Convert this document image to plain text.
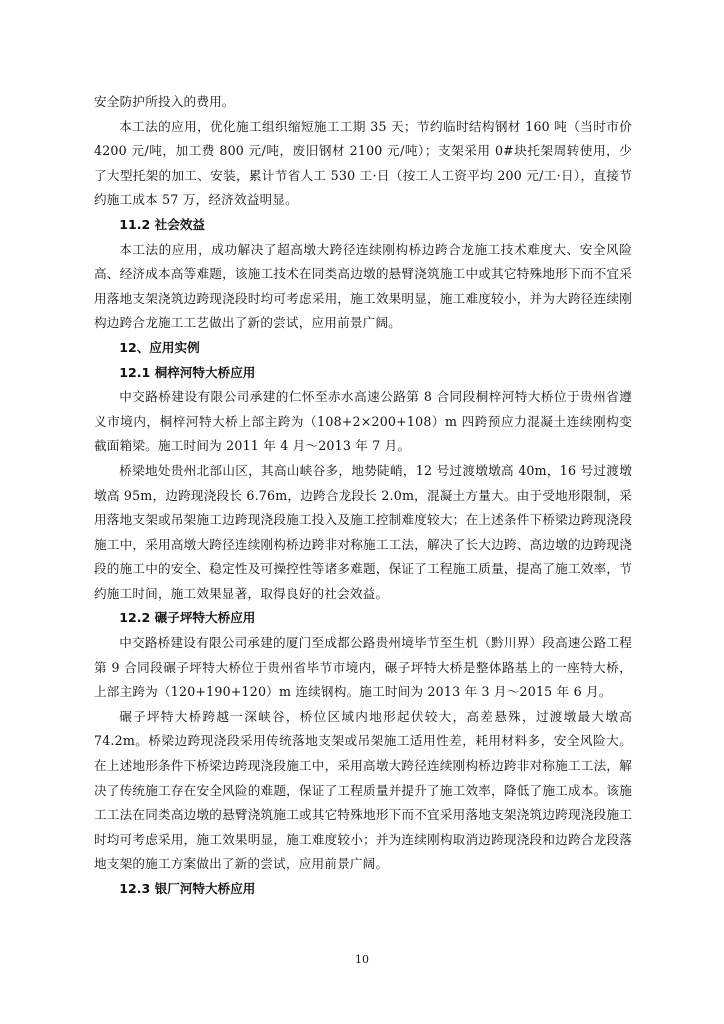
安全防护所投入的费用。

本工法的应用，优化施工组织缩短施工工期 35 天；节约临时结构钢材 160 吨（当时市价 4200 元/吨，加工费 800 元/吨，废旧钢材 2100 元/吨）；支架采用 0#块托架周转使用，少了大型托架的加工、安装，累计节省人工 530 工·日（按工人工资平均 200 元/工·日），直接节约施工成本 57 万，经济效益明显。

11.2 社会效益

本工法的应用，成功解决了超高墩大跨径连续刚构桥边跨合龙施工技术难度大、安全风险高、经济成本高等难题，该施工技术在同类高边墩的悬臂浇筑施工中或其它特殊地形下而不宜采用落地支架浇筑边跨现浇段时均可考虑采用，施工效果明显，施工难度较小，并为大跨径连续刚构边跨合龙施工工艺做出了新的尝试，应用前景广阔。

12、应用实例
12.1 桐梓河特大桥应用

中交路桥建设有限公司承建的仁怀至赤水高速公路第 8 合同段桐梓河特大桥位于贵州省遵义市境内，桐梓河特大桥上部主跨为（108+2×200+108）m 四跨预应力混凝土连续刚构变截面箱梁。施工时间为 2011 年 4 月～2013 年 7 月。

桥梁地处贵州北部山区，其高山峡谷多，地势陡峭，12 号过渡墩墩高 40m，16 号过渡墩墩高 95m，边跨现浇段长 6.76m，边跨合龙段长 2.0m，混凝土方量大。由于受地形限制，采用落地支架或吊架施工边跨现浇段施工投入及施工控制难度较大；在上述条件下桥梁边跨现浇段施工中，采用高墩大跨径连续刚构桥边跨非对称施工工法，解决了长大边跨、高边墩的边跨现浇段的施工中的安全、稳定性及可操控性等诸多难题，保证了工程施工质量，提高了施工效率，节约施工时间，施工效果显著，取得良好的社会效益。

12.2 碾子坪特大桥应用

中交路桥建设有限公司承建的厦门至成都公路贵州境毕节至生机（黔川界）段高速公路工程第 9 合同段碾子坪特大桥位于贵州省毕节市境内，碾子坪特大桥是整体路基上的一座特大桥，上部主跨为（120+190+120）m 连续钢构。施工时间为 2013 年 3 月～2015 年 6 月。

碾子坪特大桥跨越一深峡谷，桥位区域内地形起伏较大，高差悬殊，过渡墩最大墩高 74.2m。桥梁边跨现浇段采用传统落地支架或吊架施工适用性差，耗用材料多，安全风险大。在上述地形条件下桥梁边跨现浇段施工中，采用高墩大跨径连续刚构桥边跨非对称施工工法，解决了传统施工存在安全风险的难题，保证了工程质量并提升了施工效率，降低了施工成本。该施工工法在同类高边墩的悬臂浇筑施工或其它特殊地形下而不宜采用落地支架浇筑边跨现浇段施工时均可考虑采用，施工效果明显，施工难度较小；并为连续刚构取消边跨现浇段和边跨合龙段落地支架的施工方案做出了新的尝试，应用前景广阔。

12.3 银厂河特大桥应用
10
